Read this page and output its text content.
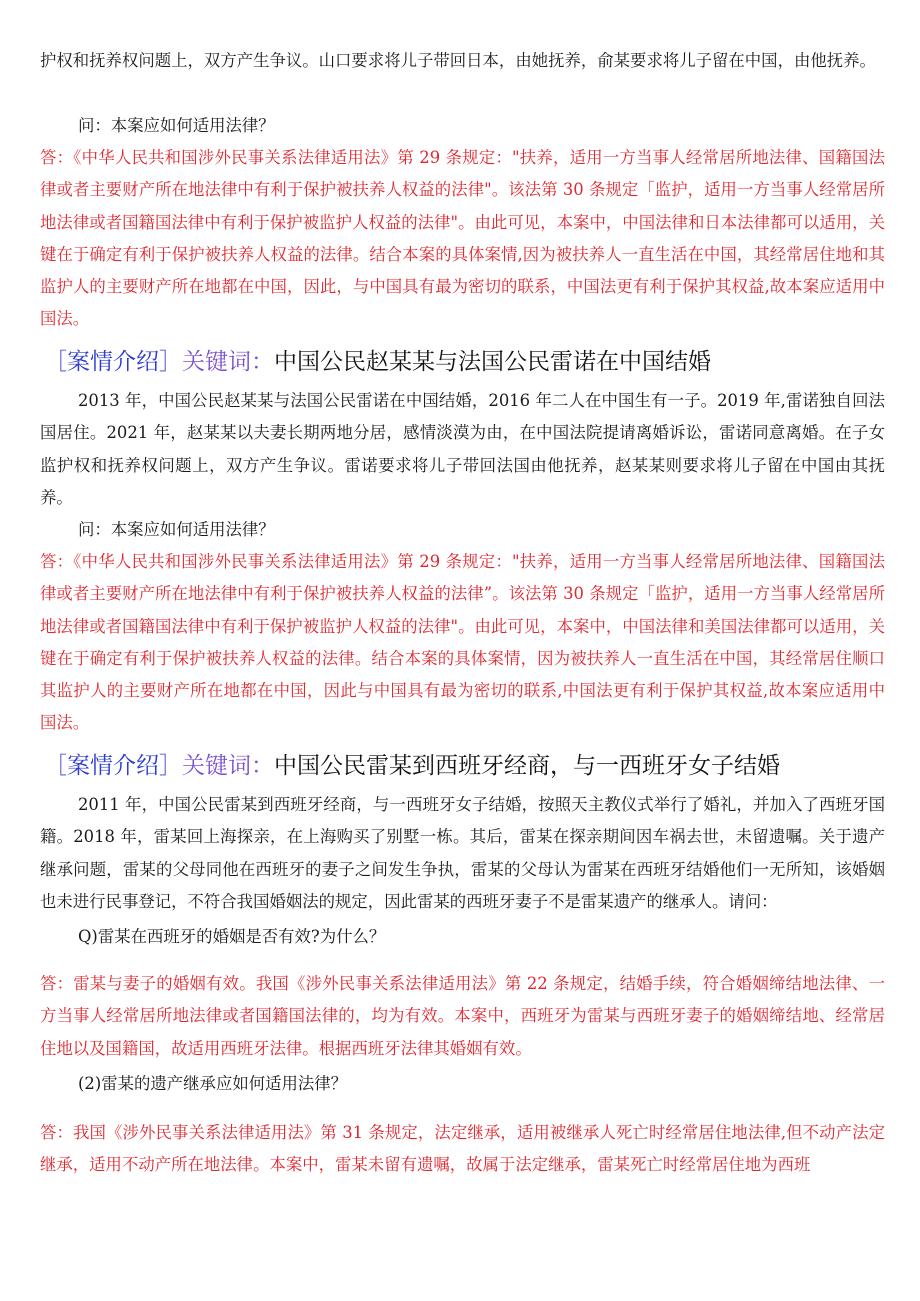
护权和抚养权问题上，双方产生争议。山口要求将儿子带回日本，由她抚养，俞某要求将儿子留在中国，由他抚养。

问：本案应如何适用法律？

答：《中华人民共和国涉外民事关系法律适用法》第 29 条规定："扶养，适用一方当事人经常居所地法律、国籍国法律或者主要财产所在地法律中有利于保护被扶养人权益的法律"。该法第 30 条规定「监护，适用一方当事人经常居所地法律或者国籍国法律中有利于保护被监护人权益的法律"。由此可见，本案中，中国法律和日本法律都可以适用，关键在于确定有利于保护被扶养人权益的法律。结合本案的具体案情,因为被扶养人一直生活在中国，其经常居住地和其监护人的主要财产所在地都在中国，因此，与中国具有最为密切的联系，中国法更有利于保护其权益,故本案应适用中国法。

［案情介绍］关键词：中国公民赵某某与法国公民雷诺在中国结婚

2013 年，中国公民赵某某与法国公民雷诺在中国结婚，2016 年二人在中国生有一子。2019 年,雷诺独自回法国居住。2021 年，赵某某以夫妻长期两地分居，感情淡漠为由，在中国法院提请离婚诉讼，雷诺同意离婚。在子女监护权和抚养权问题上，双方产生争议。雷诺要求将儿子带回法国由他抚养，赵某某则要求将儿子留在中国由其抚养。

问：本案应如何适用法律？

答：《中华人民共和国涉外民事关系法律适用法》第 29 条规定："扶养，适用一方当事人经常居所地法律、国籍国法律或者主要财产所在地法律中有利于保护被扶养人权益的法律”。该法第 30 条规定「监护，适用一方当事人经常居所地法律或者国籍国法律中有利于保护被监护人权益的法律"。由此可见，本案中，中国法律和美国法律都可以适用，关键在于确定有利于保护被扶养人权益的法律。结合本案的具体案情，因为被扶养人一直生活在中国，其经常居住顺口其监护人的主要财产所在地都在中国，因此与中国具有最为密切的联系,中国法更有利于保护其权益,故本案应适用中国法。

［案情介绍］关键词：中国公民雷某到西班牙经商，与一西班牙女子结婚

2011 年，中国公民雷某到西班牙经商，与一西班牙女子结婚，按照天主教仪式举行了婚礼，并加入了西班牙国籍。2018 年，雷某回上海探亲，在上海购买了别墅一栋。其后，雷某在探亲期间因车祸去世，未留遗嘱。关于遗产继承问题，雷某的父母同他在西班牙的妻子之间发生争执，雷某的父母认为雷某在西班牙结婚他们一无所知，该婚姻也未进行民事登记，不符合我国婚姻法的规定，因此雷某的西班牙妻子不是雷某遗产的继承人。请问：

Q)雷某在西班牙的婚姻是否有效?为什么？

答：雷某与妻子的婚姻有效。我国《涉外民事关系法律适用法》第 22 条规定，结婚手续，符合婚姻缔结地法律、一方当事人经常居所地法律或者国籍国法律的，均为有效。本案中，西班牙为雷某与西班牙妻子的婚姻缔结地、经常居住地以及国籍国，故适用西班牙法律。根据西班牙法律其婚姻有效。

(2)雷某的遗产继承应如何适用法律？

答：我国《涉外民事关系法律适用法》第 31 条规定，法定继承，适用被继承人死亡时经常居住地法律,但不动产法定继承，适用不动产所在地法律。本案中，雷某未留有遗嘱，故属于法定继承，雷某死亡时经常居住地为西班
